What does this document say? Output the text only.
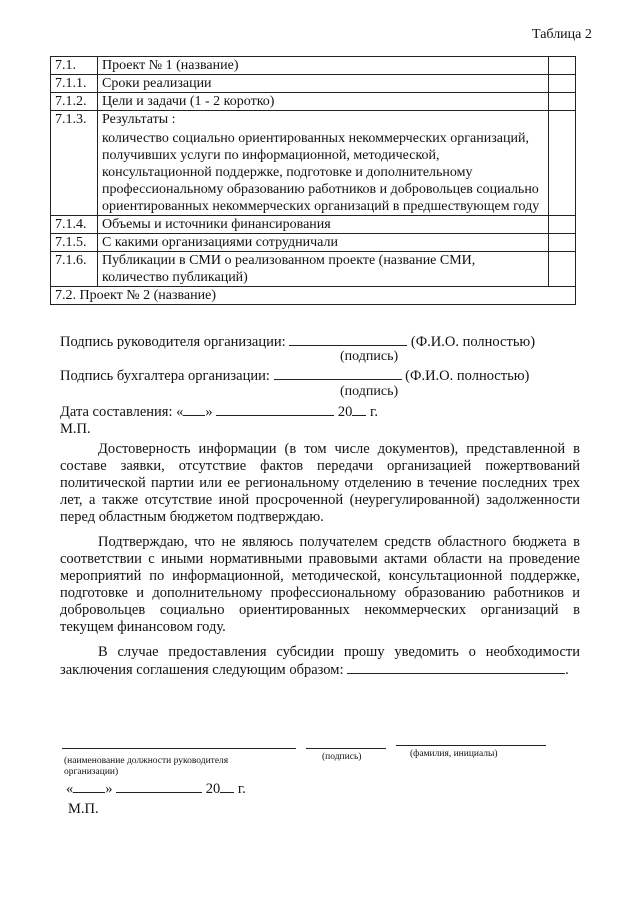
Таблица 2
7.1.	Проект № 1 (название)	
7.1.1.	Сроки реализации	
7.1.2.	Цели и задачи (1 - 2 коротко)	
7.1.3.	Результаты :
количество социально ориентированных некоммерческих организаций, получивших услуги по информационной, методической, консультационной поддержке, подготовке и дополнительному профессиональному образованию работников и добровольцев социально ориентированных некоммерческих организаций в предшествующем году	

7.1.4.	Объемы и источники финансирования	
7.1.5.	С какими организациями сотрудничали	
7.1.6.	Публикации в СМИ о реализованном проекте (название СМИ, количество публикаций)	
7.2. Проект № 2 (название)		
Подпись руководителя организации:	(Ф.И.О. полностью)
(подпись)
Подпись бухгалтера организации:	(Ф.И.О. полностью)
(подпись)
Дата составления: « »	20 г.
М.П.

Достоверность информации (в том числе документов), представленной в составе заявки, отсутствие фактов передачи организацией пожертвований политической партии или ее региональному отделению в течение последних трех лет, а также отсутствие иной просроченной (неурегулированной) задолженности перед областным бюджетом подтверждаю.

Подтверждаю, что не являюсь получателем средств областного бюджета в соответствии с иными нормативными правовыми актами области на проведение мероприятий по информационной, методической, консультационной поддержке, подготовке и дополнительному профессиональному образованию работников и добровольцев социально ориентированных некоммерческих организаций в текущем финансовом году.

В случае предоставления субсидии прошу уведомить о необходимости заключения соглашения следующим образом:	.

(наименование должности руководителя организации)
(подпись)	(фамилия, инициалы)
« »	20 г.
М.П.
